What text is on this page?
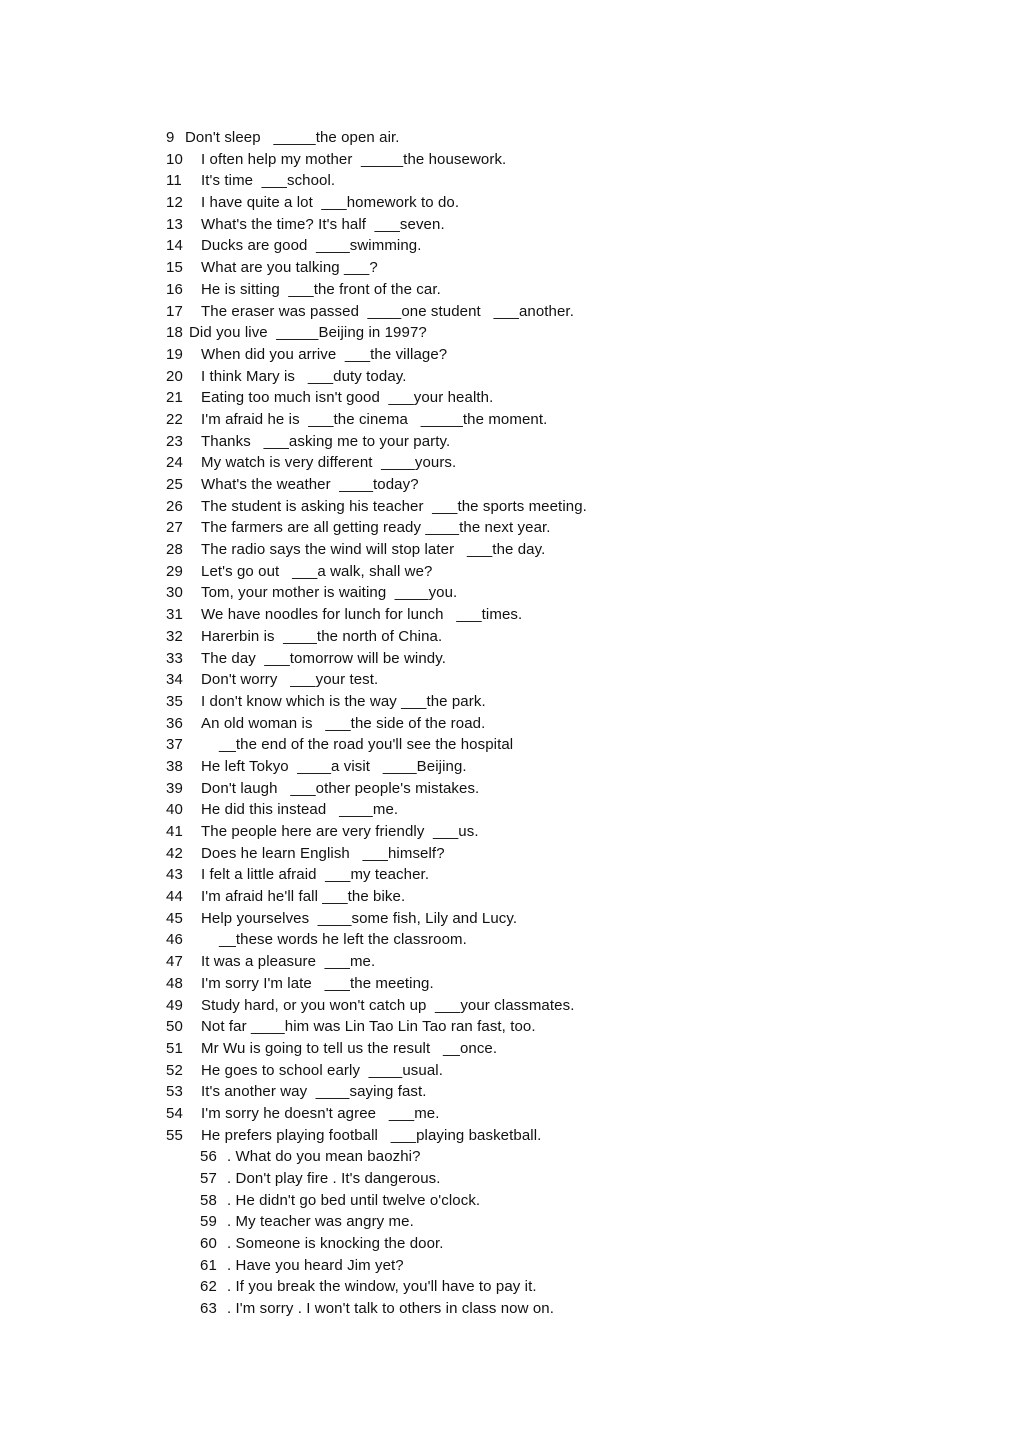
9 Don't sleep   _____the open air.
10 I often help my mother  _____the housework.
11 It's time  ___school.
12 I have quite a lot  ___homework to do.
13 What's the time? It's half  ___seven.
14 Ducks are good  ____swimming.
15 What are you talking ___?
16 He is sitting  ___the front of the car.
17 The eraser was passed  ____one student   ___another.
18 Did you live  _____Beijing in 1997?
19 When did you arrive  ___the village?
20 I think Mary is   ___duty today.
21 Eating too much isn't good  ___your health.
22 I'm afraid he is  ___the cinema   _____the moment.
23 Thanks   ___asking me to your party.
24 My watch is very different  ____yours.
25 What's the weather  ____today?
26 The student is asking his teacher  ___the sports meeting.
27 The farmers are all getting ready ____the next year.
28 The radio says the wind will stop later   ___the day.
29 Let's go out   ___a walk, shall we?
30 Tom, your mother is waiting  ____you.
31 We have noodles for lunch for lunch   ___times.
32 Harerbin is  ____the north of China.
33 The day  ___tomorrow will be windy.
34 Don't worry   ___your test.
35 I don't know which is the way ___the park.
36 An old woman is   ___the side of the road.
37 __the end of the road you'll see the hospital
38 He left Tokyo  ____a visit   ____Beijing.
39 Don't laugh   ___other people's mistakes.
40 He did this instead   ____me.
41 The people here are very friendly  ___us.
42 Does he learn English   ___himself?
43 I felt a little afraid  ___my teacher.
44 I'm afraid he'll fall ___the bike.
45 Help yourselves  ____some fish, Lily and Lucy.
46 __these words he left the classroom.
47 It was a pleasure  ___me.
48 I'm sorry I'm late   ___the meeting.
49 Study hard, or you won't catch up  ___your classmates.
50 Not far ____him was Lin Tao Lin Tao ran fast, too.
51 Mr Wu is going to tell us the result   __once.
52 He goes to school early  ____usual.
53 It's another way  ____saying fast.
54 I'm sorry he doesn't agree   ___me.
55 He prefers playing football   ___playing basketball.
56 . What do you mean baozhi?
57 . Don't play fire . It's dangerous.
58 . He didn't go bed until twelve o'clock.
59 . My teacher was angry me.
60 . Someone is knocking the door.
61 . Have you heard Jim yet?
62 . If you break the window, you'll have to pay it.
63 . I'm sorry . I won't talk to others in class now on.
